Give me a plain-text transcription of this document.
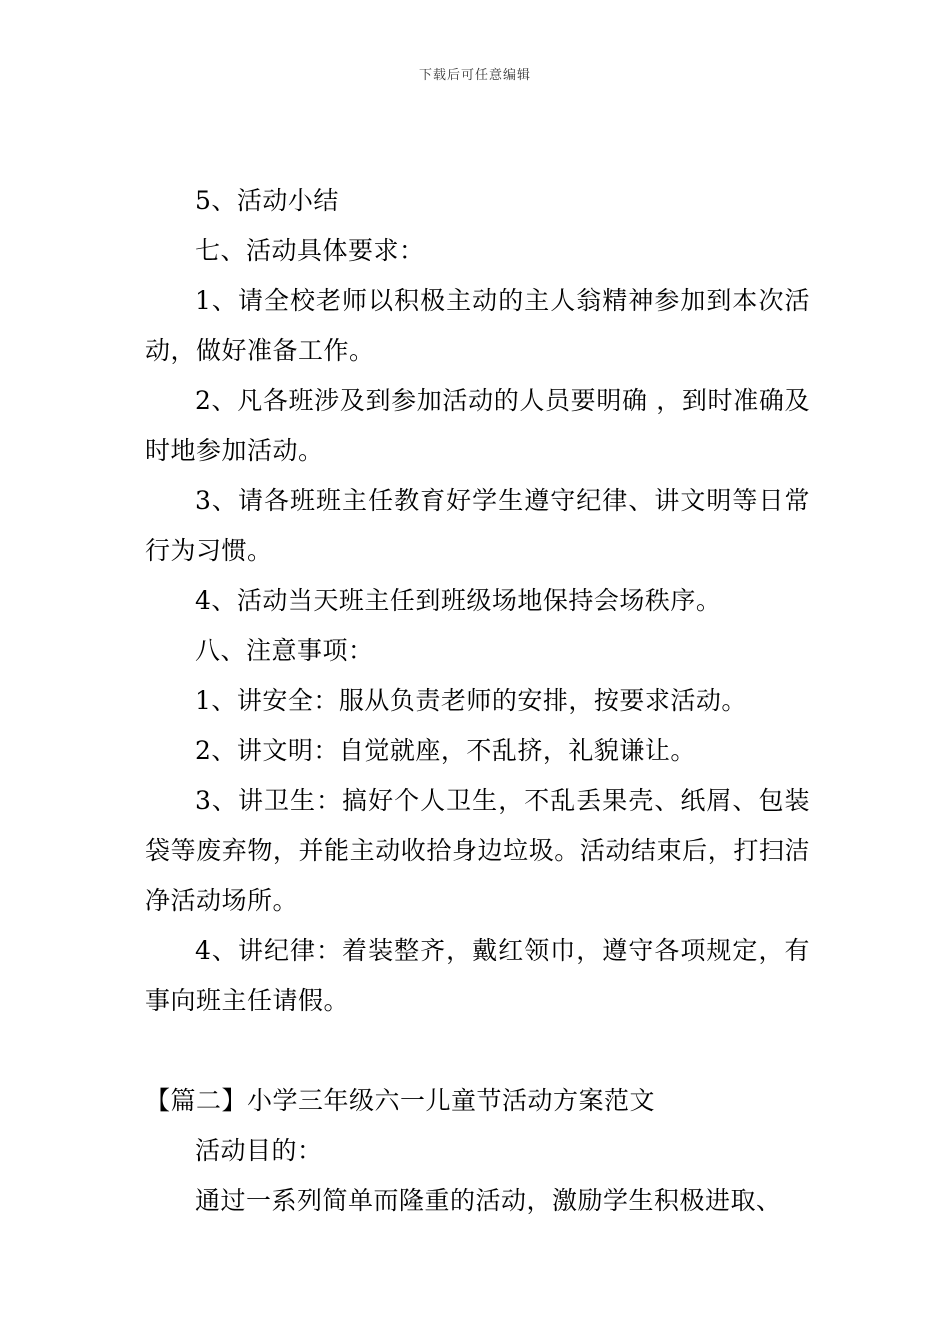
下载后可任意编辑

5、活动小结

七、活动具体要求：

1、请全校老师以积极主动的主人翁精神参加到本次活动，做好准备工作。

2、凡各班涉及到参加活动的人员要明确 ，到时准确及时地参加活动。

3、请各班班主任教育好学生遵守纪律、讲文明等日常行为习惯。

4、活动当天班主任到班级场地保持会场秩序。

八、注意事项：

1、讲安全：服从负责老师的安排，按要求活动。

2、讲文明：自觉就座，不乱挤，礼貌谦让。

3、讲卫生：搞好个人卫生，不乱丢果壳、纸屑、包装袋等废弃物，并能主动收拾身边垃圾。活动结束后，打扫洁净活动场所。

4、讲纪律：着装整齐，戴红领巾，遵守各项规定，有事向班主任请假。

【篇二】小学三年级六一儿童节活动方案范文

活动目的：

通过一系列简单而隆重的活动，激励学生积极进取、
